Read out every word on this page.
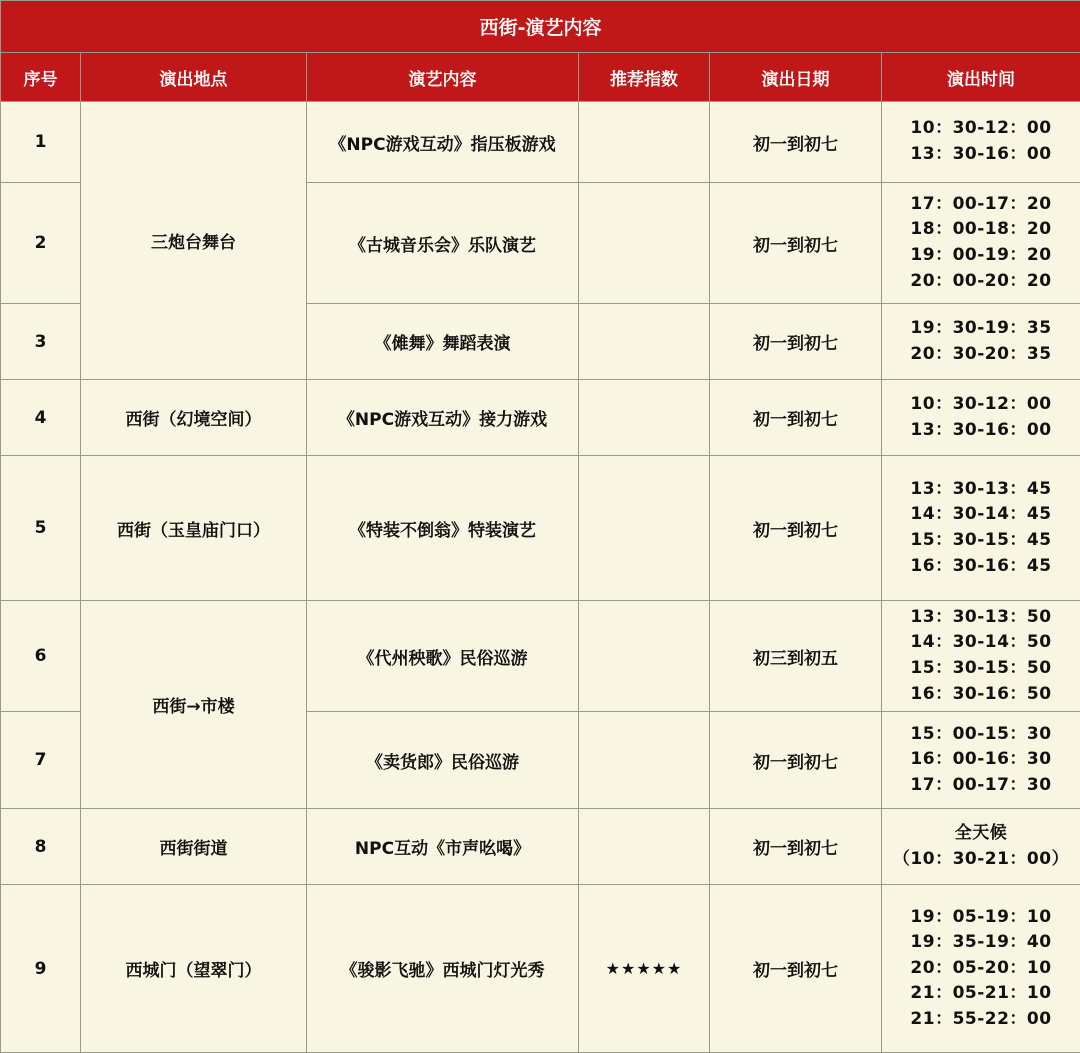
西街-演艺内容					
序号	演出地点	演艺内容	推荐指数	演出日期	演出时间
1	三炮台舞台	《NPC游戏互动》指压板游戏		初一到初七	10：30-12：00
13：30-16：00

2		《古城音乐会》乐队演艺		初一到初七	17：00-17：20
18：00-18：20
19：00-19：20
20：00-20：20

3		《傩舞》舞蹈表演		初一到初七	19：30-19：35
20：30-20：35

4	西街（幻境空间）	《NPC游戏互动》接力游戏		初一到初七	10：30-12：00
13：30-16：00

5	西街（玉皇庙门口）	《特装不倒翁》特装演艺		初一到初七	13：30-13：45
14：30-14：45
15：30-15：45
16：30-16：45

6	西街→市楼	《代州秧歌》民俗巡游		初三到初五	13：30-13：50
14：30-14：50
15：30-15：50
16：30-16：50

7		《卖货郎》民俗巡游		初一到初七	15：00-15：30
16：00-16：30
17：00-17：30

8	西街街道	NPC互动《市声吆喝》		初一到初七	全天候
（10：30-21：00）

9	西城门（望翠门）	《骏影飞驰》西城门灯光秀	★★★★★	初一到初七	19：05-19：10
19：35-19：40
20：05-20：10
21：05-21：10
21：55-22：00
